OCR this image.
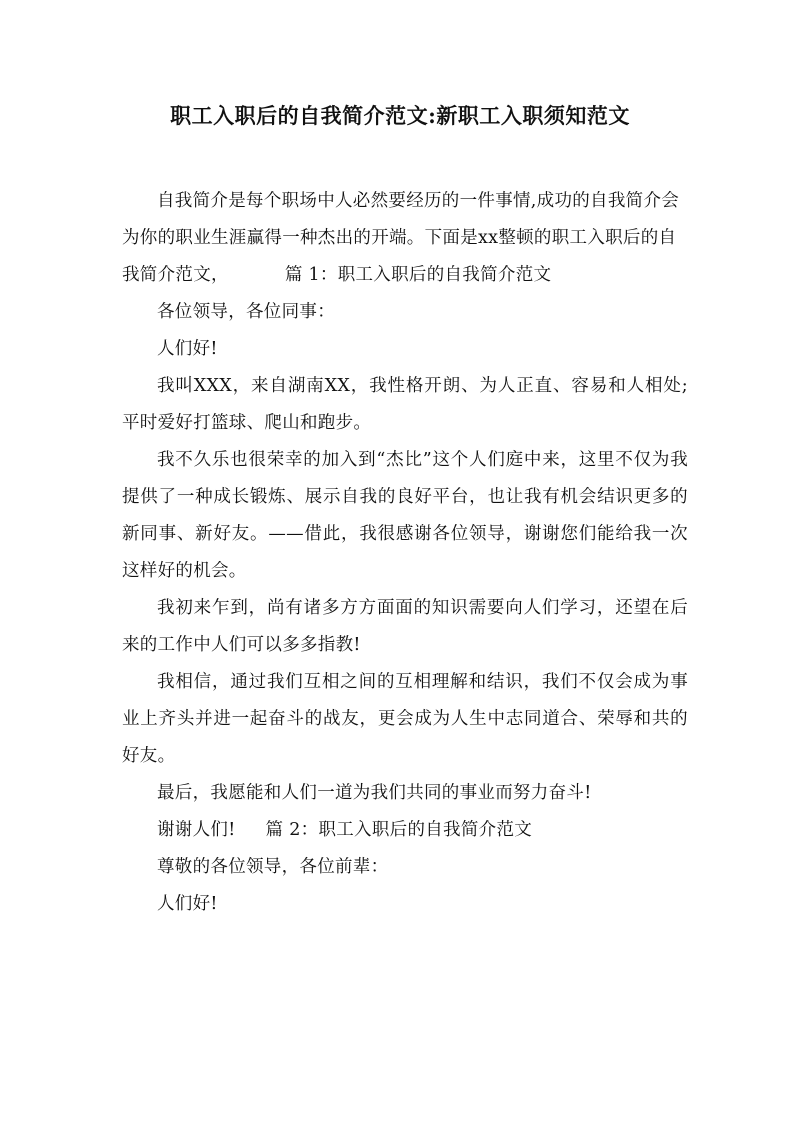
职工入职后的自我简介范文:新职工入职须知范文

自我简介是每个职场中人必然要经历的一件事情,成功的自我简介会为你的职业生涯赢得一种杰出的开端。下面是xx整顿的职工入职后的自我简介范文，	篇 1：职工入职后的自我简介范文

各位领导，各位同事：

人们好!

我叫XXX，来自湖南XX，我性格开朗、为人正直、容易和人相处;平时爱好打篮球、爬山和跑步。

我不久乐也很荣幸的加入到“杰比”这个人们庭中来，这里不仅为我提供了一种成长锻炼、展示自我的良好平台，也让我有机会结识更多的新同事、新好友。——借此，我很感谢各位领导，谢谢您们能给我一次这样好的机会。

我初来乍到，尚有诸多方方面面的知识需要向人们学习，还望在后来的工作中人们可以多多指教!

我相信，通过我们互相之间的互相理解和结识，我们不仅会成为事业上齐头并进一起奋斗的战友，更会成为人生中志同道合、荣辱和共的好友。

最后，我愿能和人们一道为我们共同的事业而努力奋斗!

谢谢人们! 篇 2：职工入职后的自我简介范文

尊敬的各位领导，各位前辈：

人们好!
